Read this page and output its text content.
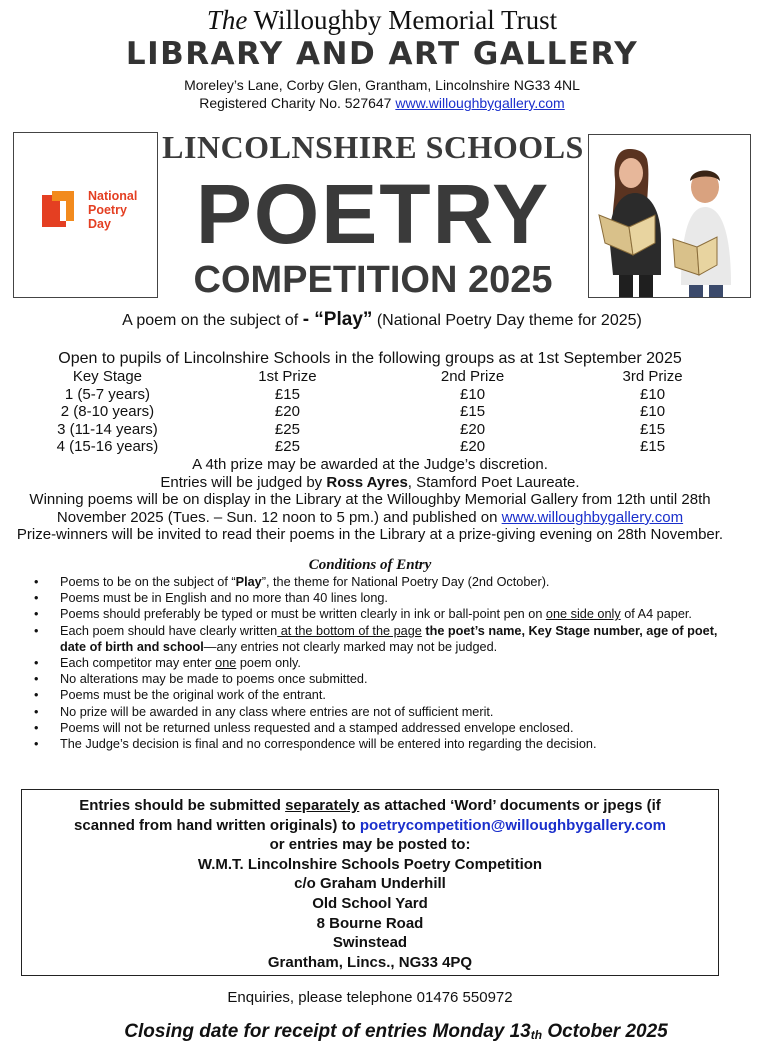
The Willoughby Memorial Trust
LIBRARY AND ART GALLERY
Moreley’s Lane, Corby Glen, Grantham, Lincolnshire NG33 4NL
Registered Charity No. 527647 www.willoughbygallery.com
National
Poetry
Day
LINCOLNSHIRE SCHOOLS
POETRY
COMPETITION 2025
A poem on the subject of - “Play” (National Poetry Day theme for 2025)
Open to pupils of Lincolnshire Schools in the following groups as at 1st September 2025
Key Stage	1st Prize	2nd Prize	3rd Prize
1 (5-7 years)	£15	£10	£10
2 (8-10 years)	£20	£15	£10
3 (11-14 years)	£25	£20	£15
4 (15-16 years)	£25	£20	£15
A 4th prize may be awarded at the Judge’s discretion.
Entries will be judged by Ross Ayres, Stamford Poet Laureate.
Winning poems will be on display in the Library at the Willoughby Memorial Gallery from 12th until 28th
November 2025 (Tues. – Sun. 12 noon to 5 pm.) and published on www.willoughbygallery.com
Prize-winners will be invited to read their poems in the Library at a prize-giving evening on 28th November.
Conditions of Entry
• Poems to be on the subject of “Play”, the theme for National Poetry Day (2nd October).
• Poems must be in English and no more than 40 lines long.
• Poems should preferably be typed or must be written clearly in ink or ball-point pen on one side only of A4 paper.
• Each poem should have clearly written at the bottom of the page the poet’s name, Key Stage number, age of poet, date of birth and school—any entries not clearly marked may not be judged.
• Each competitor may enter one poem only.
• No alterations may be made to poems once submitted.
• Poems must be the original work of the entrant.
• No prize will be awarded in any class where entries are not of sufficient merit.
• Poems will not be returned unless requested and a stamped addressed envelope enclosed.
• The Judge’s decision is final and no correspondence will be entered into regarding the decision.
Entries should be submitted separately as attached ‘Word’ documents or jpegs (if
scanned from hand written originals) to poetrycompetition@willoughbygallery.com
or entries may be posted to:
W.M.T. Lincolnshire Schools Poetry Competition
c/o Graham Underhill
Old School Yard
8 Bourne Road
Swinstead
Grantham, Lincs., NG33 4PQ
Enquiries, please telephone 01476 550972
Closing date for receipt of entries Monday $13_{th}$ October 2025
